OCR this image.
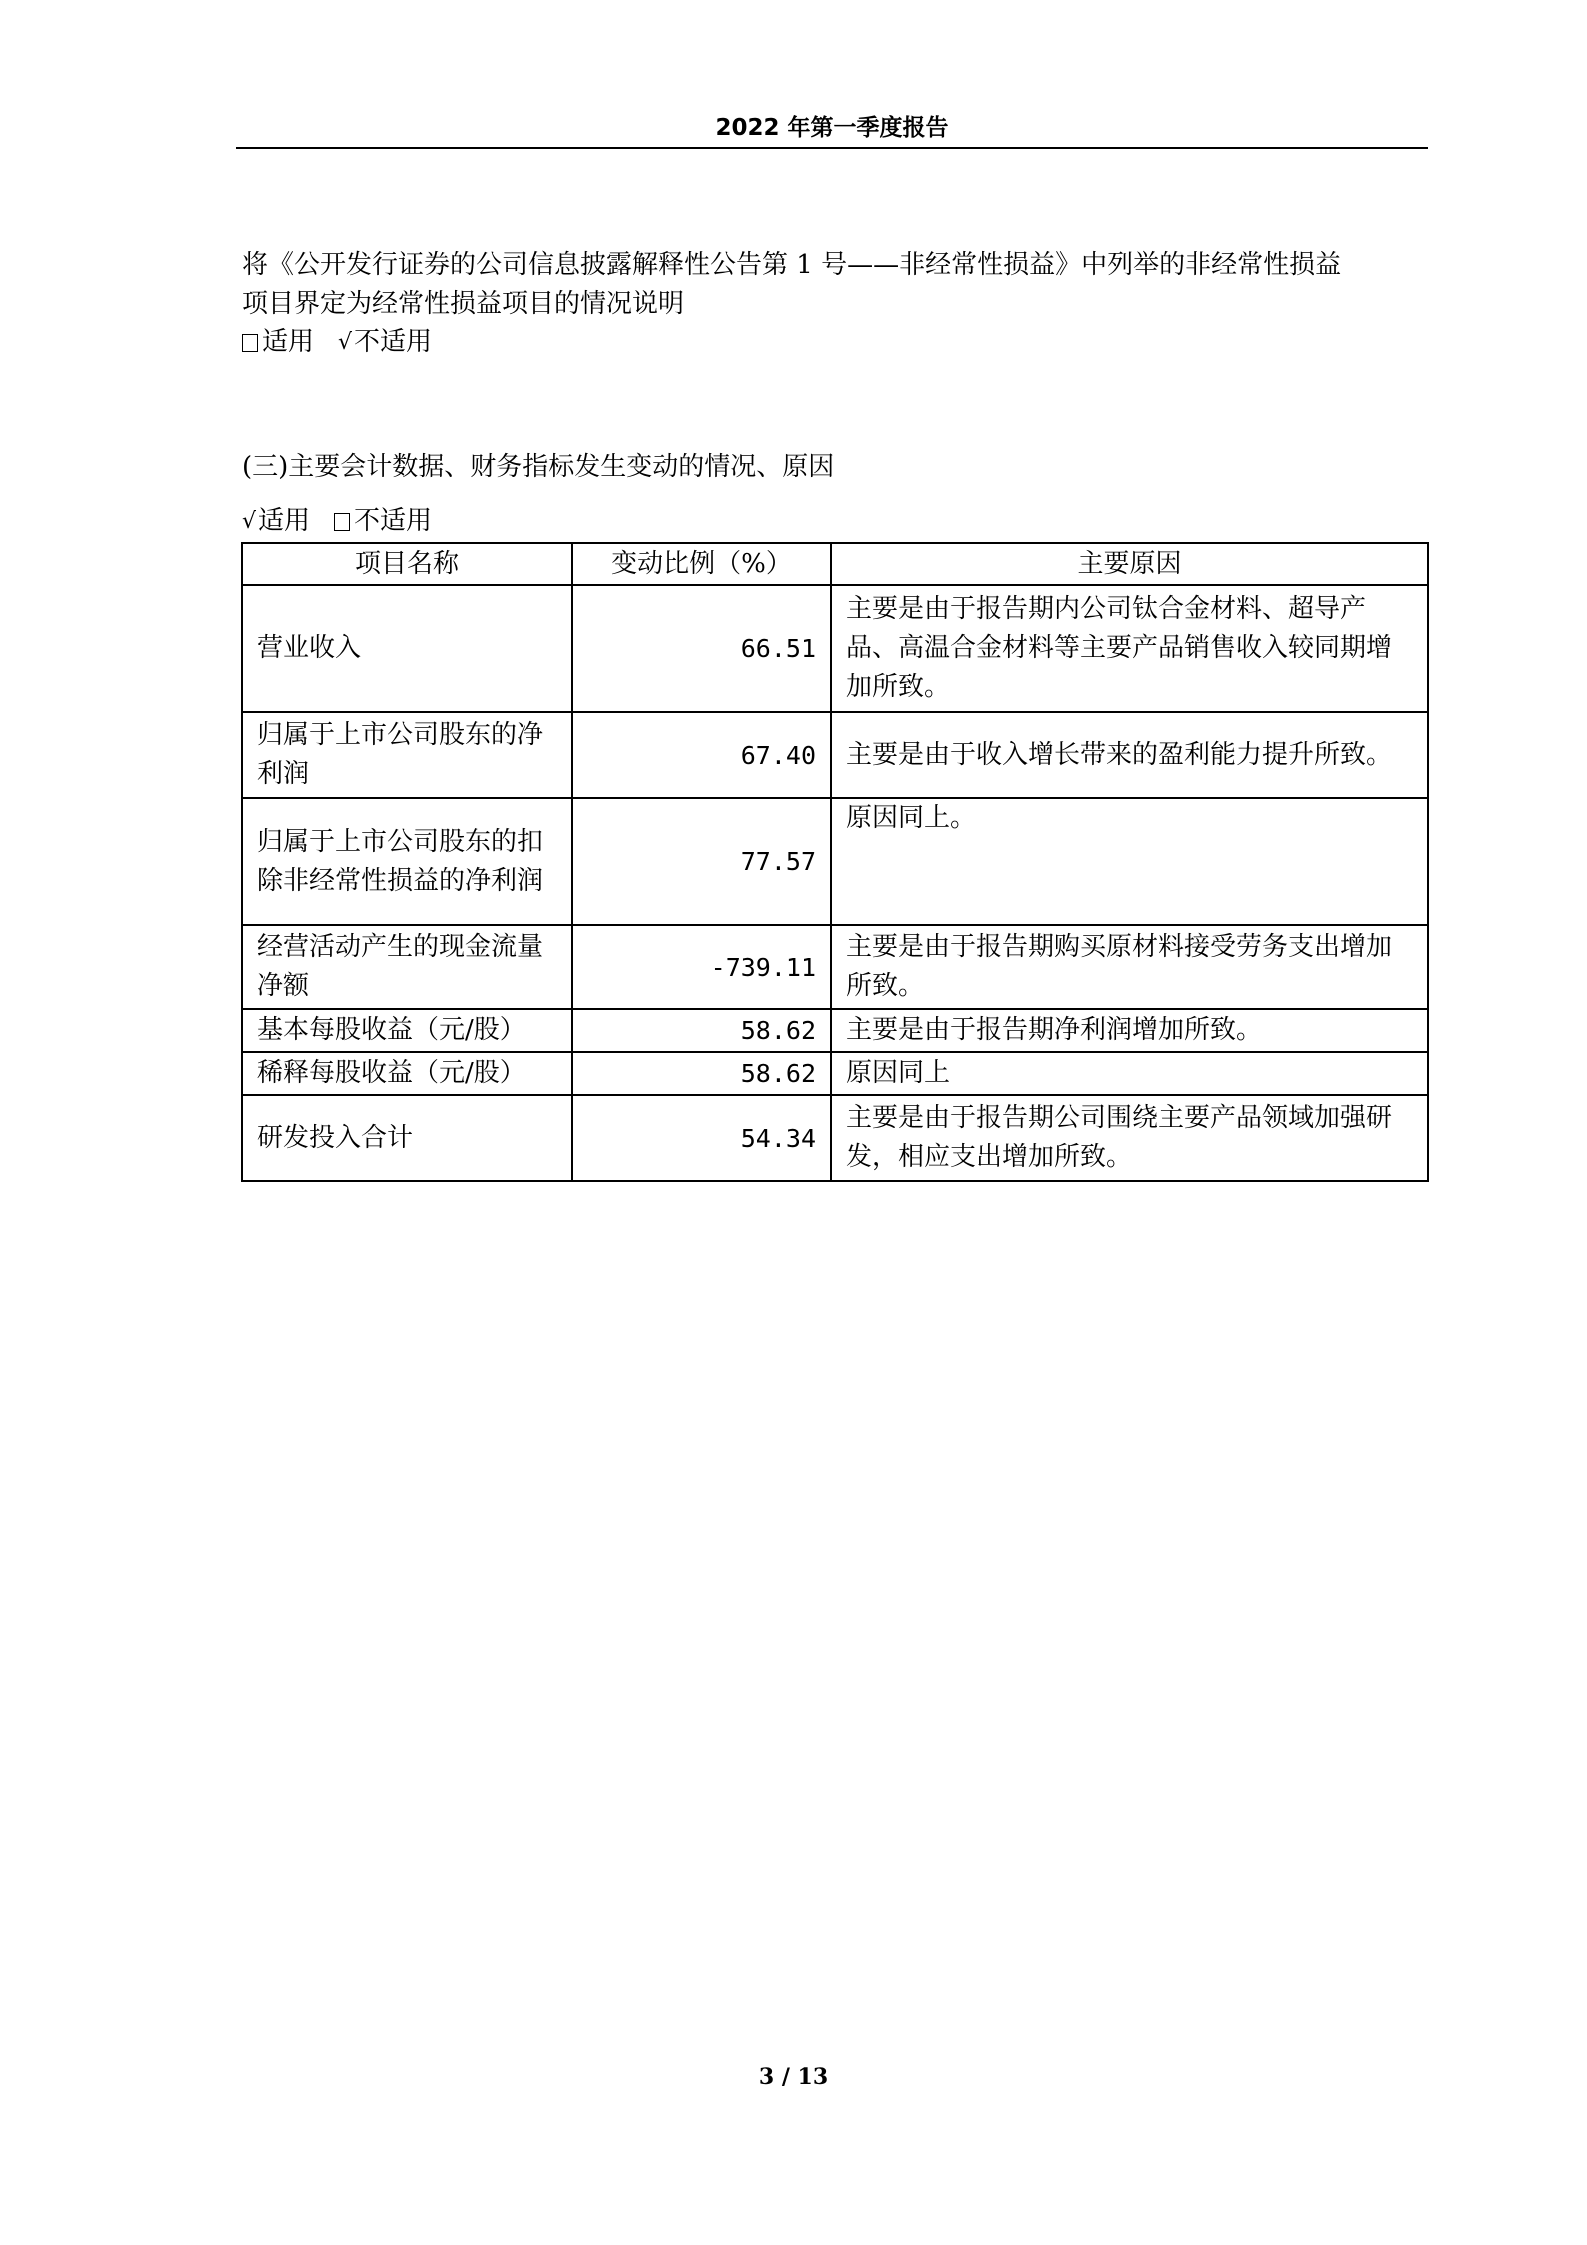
2022 年第一季度报告
将《公开发行证券的公司信息披露解释性公告第 1 号——非经常性损益》中列举的非经常性损益
项目界定为经常性损益项目的情况说明
适用 √ 不适用
(三)主要会计数据、财务指标发生变动的情况、原因
√ 适用 不适用
项目名称	变动比例（%）	主要原因
营业收入	66.51	主要是由于报告期内公司钛合金材料、超导产品、高温合金材料等主要产品销售收入较同期增加所致。
归属于上市公司股东的净利润	67.40	主要是由于收入增长带来的盈利能力提升所致。
归属于上市公司股东的扣除非经常性损益的净利润	77.57	原因同上。
经营活动产生的现金流量净额	-739.11	主要是由于报告期购买原材料接受劳务支出增加所致。
基本每股收益（元/股）	58.62	主要是由于报告期净利润增加所致。
稀释每股收益（元/股）	58.62	原因同上
研发投入合计	54.34	主要是由于报告期公司围绕主要产品领域加强研发，相应支出增加所致。
3 / 13
